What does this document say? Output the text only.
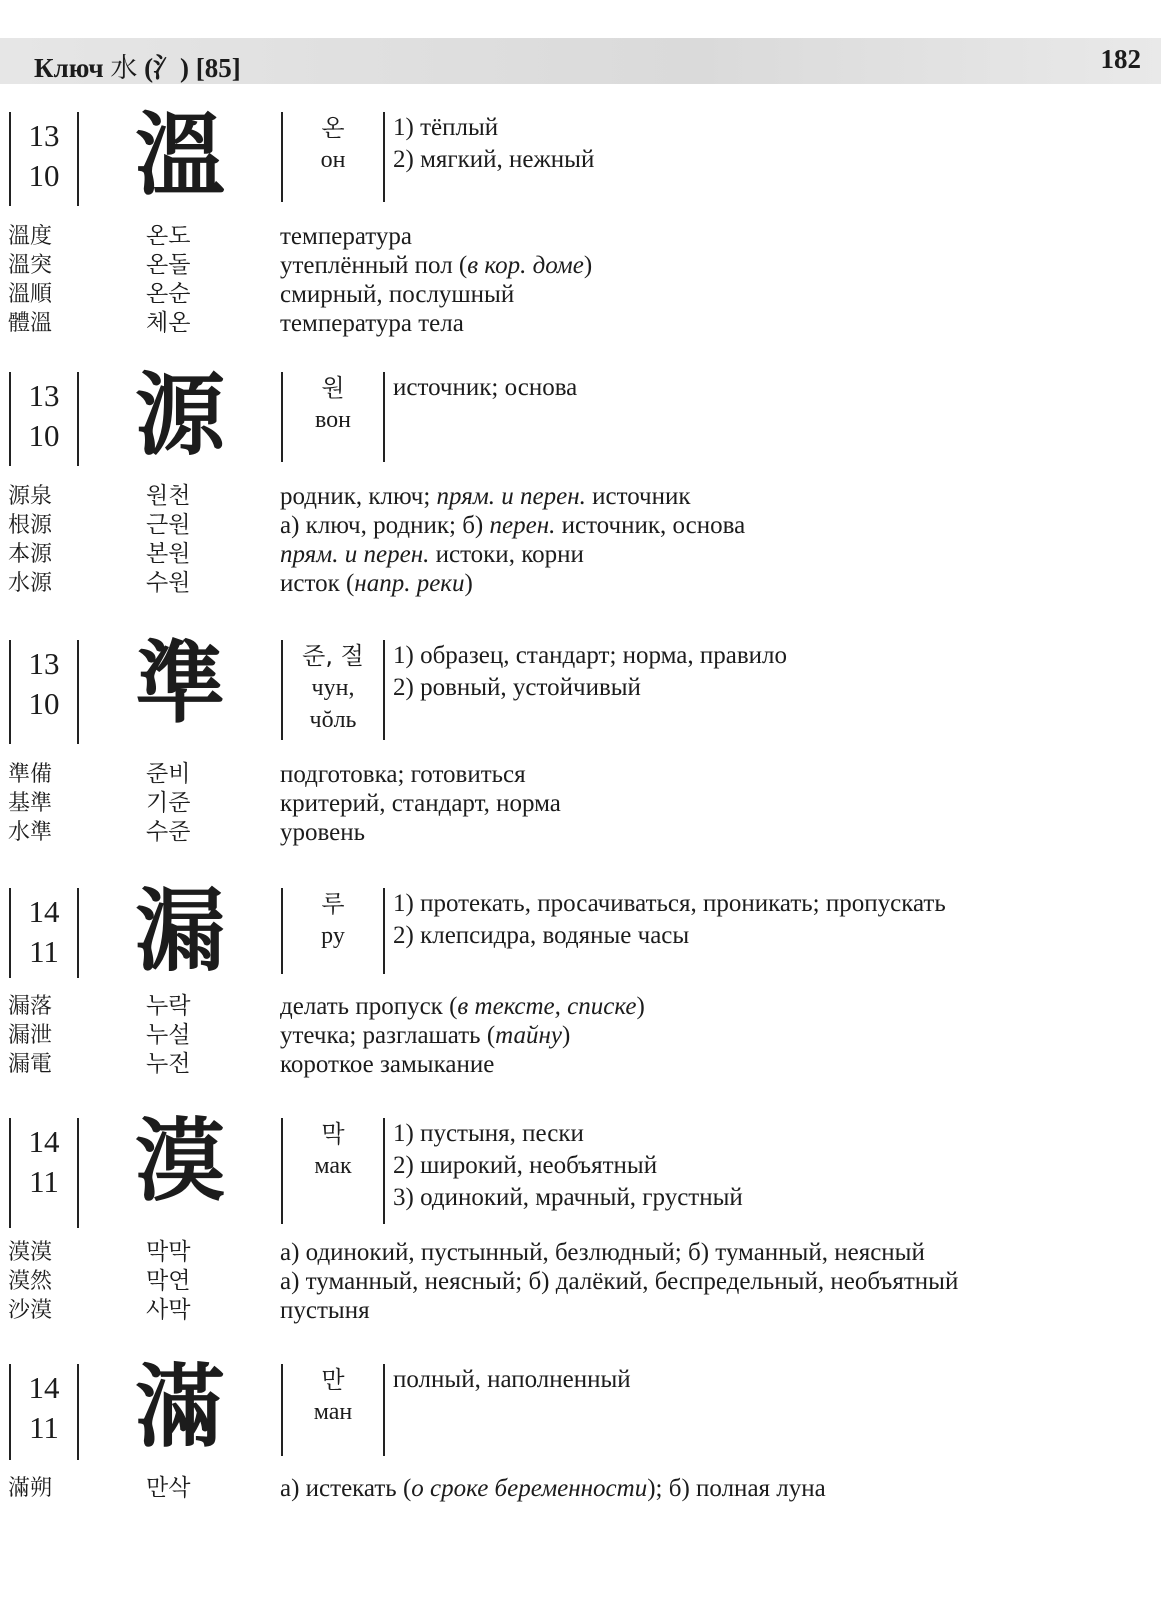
Ключ 水 (氵) [85]	182
13
10 溫	온
он
1) тёплый
2) мягкий, нежный
溫度	온도	температура
溫突	온돌	утеплённый пол (в кор. доме)
溫順	온순	смирный, послушный
體溫	체온	температура тела
13
10 源	원
вон
источник; основа
源泉	원천	родник, ключ; прям. и перен. источник
根源	근원	а) ключ, родник; б) перен. источник, основа
本源	본원	прям. и перен. истоки, корни
水源	수원	исток (напр. реки)
13
10 準	준, 절
чун,
чŏль
1) образец, стандарт; норма, правило
2) ровный, устойчивый
準備	준비	подготовка; готовиться
基準	기준	критерий, стандарт, норма
水準	수준	уровень
14
11 漏	루
ру
1) протекать, просачиваться, проникать; пропускать
2) клепсидра, водяные часы
漏落	누락	делать пропуск (в тексте, списке)
漏泄	누설	утечка; разглашать (тайну)
漏電	누전	короткое замыкание
14
11 漠	막
мак
1) пустыня, пески
2) широкий, необъятный
3) одинокий, мрачный, грустный
漠漠	막막	а) одинокий, пустынный, безлюдный; б) туманный, неясный
漠然	막연	а) туманный, неясный; б) далёкий, беспредельный, необъятный
沙漠	사막	пустыня
14
11 滿	만
ман
полный, наполненный
滿朔	만삭	а) истекать (о сроке беременности); б) полная луна
